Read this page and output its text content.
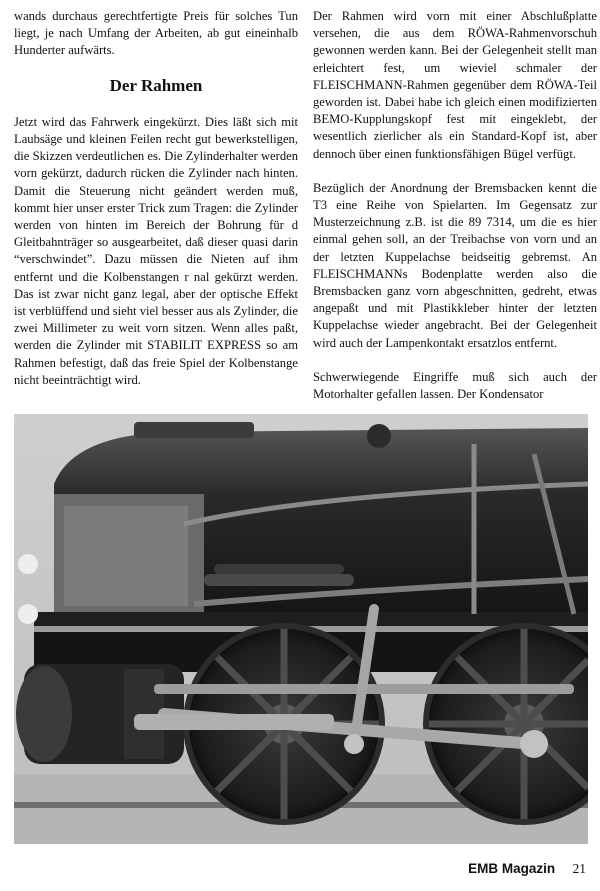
wands durchaus gerechtfertigte Preis für solches Tun liegt, je nach Umfang der Arbeiten, ab gut eineinhalb Hunderter aufwärts.

Der Rahmen

Jetzt wird das Fahrwerk eingekürzt. Dies läßt sich mit Laubsäge und kleinen Feilen recht gut bewerkstelligen, die Skizzen verdeutlichen es. Die Zylinderhalter werden vorn gekürzt, dadurch rücken die Zylinder nach hinten. Damit die Steuerung nicht geändert werden muß, kommt hier unser erster Trick zum Tragen: die Zylinder werden von hinten im Bereich der Bohrung für d Gleitbahnträger so ausgearbeitet, daß dieser quasi darin “verschwindet”. Dazu müssen die Nieten auf ihm entfernt und die Kolbenstangen r nal gekürzt werden. Das ist zwar nicht ganz legal, aber der optische Effekt ist verblüffend und sieht viel besser aus als Zylinder, die zwei Millimeter zu weit vorn sitzen. Wenn alles paßt, werden die Zylinder mit STABILIT EXPRESS so am Rahmen befestigt, daß das freie Spiel der Kolbenstange nicht beeinträchtigt wird.

Der Rahmen wird vorn mit einer Abschlußplatte versehen, die aus dem RÖWA-Rahmenvorschuh gewonnen werden kann. Bei der Gelegenheit stellt man erleichtert fest, um wieviel schmaler der FLEISCHMANN-Rahmen gegenüber dem RÖWA-Teil geworden ist. Dabei habe ich gleich einen modifizierten BEMO-Kupplungskopf fest mit eingeklebt, der wesentlich zierlicher als ein Standard-Kopf ist, aber dennoch über einen funktionsfähigen Bügel verfügt.

Bezüglich der Anordnung der Bremsbacken kennt die T3 eine Reihe von Spielarten. Im Gegensatz zur Musterzeichnung z.B. ist die 89 7314, um die es hier einmal gehen soll, an der Treibachse von vorn und an der letzten Kuppelachse beidseitig gebremst. An FLEISCHMANNs Bodenplatte werden also die Bremsbacken ganz vorn abgeschnitten, gedreht, etwas angepaßt und mit Plastikkleber hinter der letzten Kuppelachse wieder angebracht. Bei der Gelegenheit wird auch der Lampenkontakt ersatzlos entfernt.

Schwerwiegende Eingriffe muß sich auch der Motorhalter gefallen lassen. Der Kondensator

EMB Magazin 21
